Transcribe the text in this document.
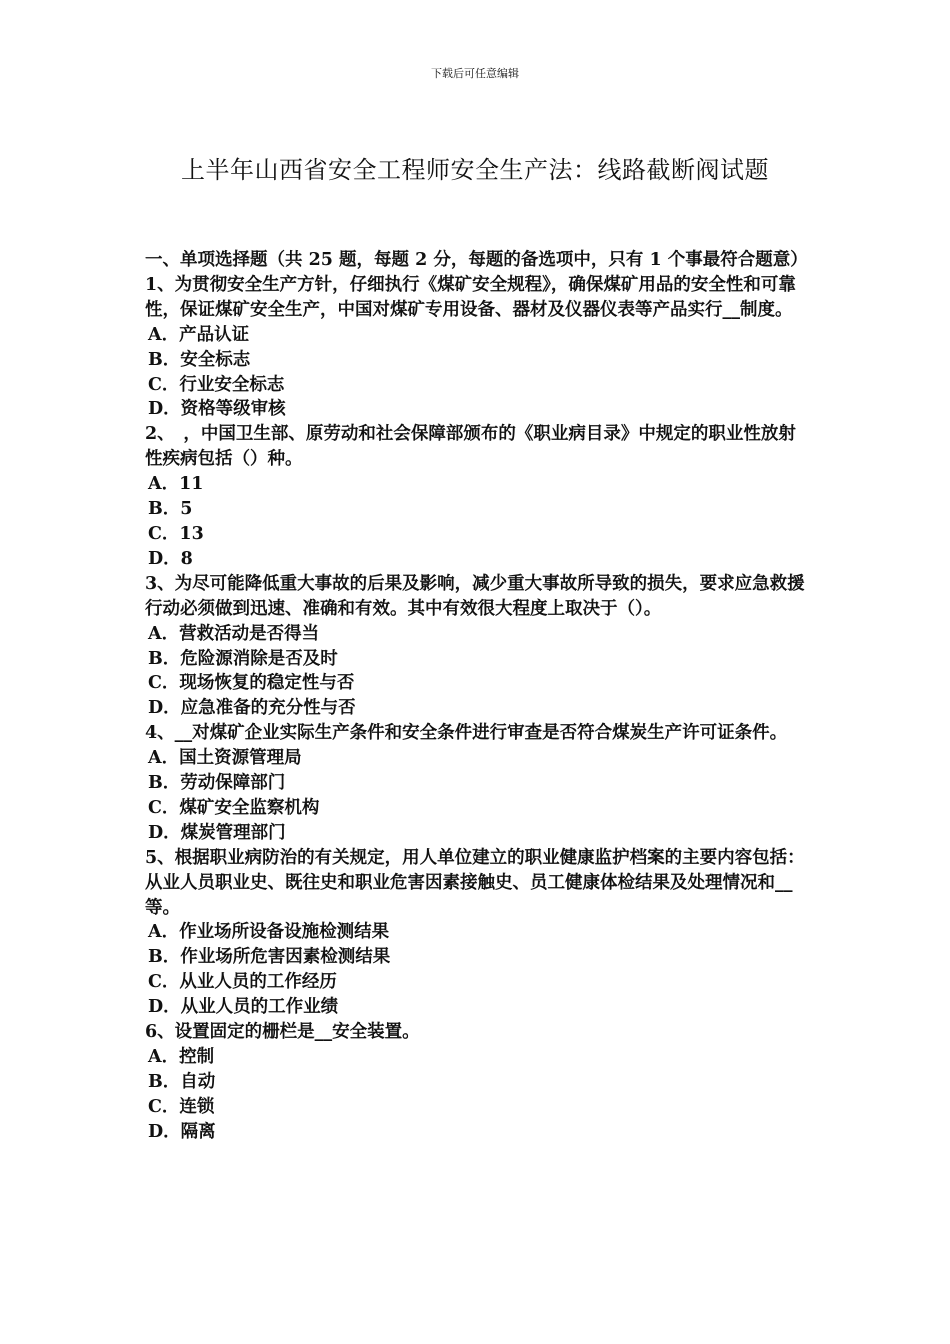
下载后可任意编辑
上半年山西省安全工程师安全生产法：线路截断阀试题

一、单项选择题（共 25 题，每题 2 分，每题的备选项中，只有 1 个事最符合题意）

1、为贯彻安全生产方针，仔细执行《煤矿安全规程》，确保煤矿用品的安全性和可靠性，保证煤矿安全生产，中国对煤矿专用设备、器材及仪器仪表等产品实行__制度。

A．产品认证

B．安全标志

C．行业安全标志

D．资格等级审核

2、　，中国卫生部、原劳动和社会保障部颁布的《职业病目录》中规定的职业性放射性疾病包括（）种。

A．11

B．5

C．13

D．8

3、为尽可能降低重大事故的后果及影响，减少重大事故所导致的损失，要求应急救援行动必须做到迅速、准确和有效。其中有效很大程度上取决于（）。

A．营救活动是否得当

B．危险源消除是否及时

C．现场恢复的稳定性与否

D．应急准备的充分性与否

4、__对煤矿企业实际生产条件和安全条件进行审查是否符合煤炭生产许可证条件。

A．国土资源管理局

B．劳动保障部门

C．煤矿安全监察机构

D．煤炭管理部门

5、根据职业病防治的有关规定，用人单位建立的职业健康监护档案的主要内容包括：从业人员职业史、既往史和职业危害因素接触史、员工健康体检结果及处理情况和__等。

A．作业场所设备设施检测结果

B．作业场所危害因素检测结果

C．从业人员的工作经历

D．从业人员的工作业绩

6、设置固定的栅栏是__安全装置。

A．控制

B．自动

C．连锁

D．隔离
